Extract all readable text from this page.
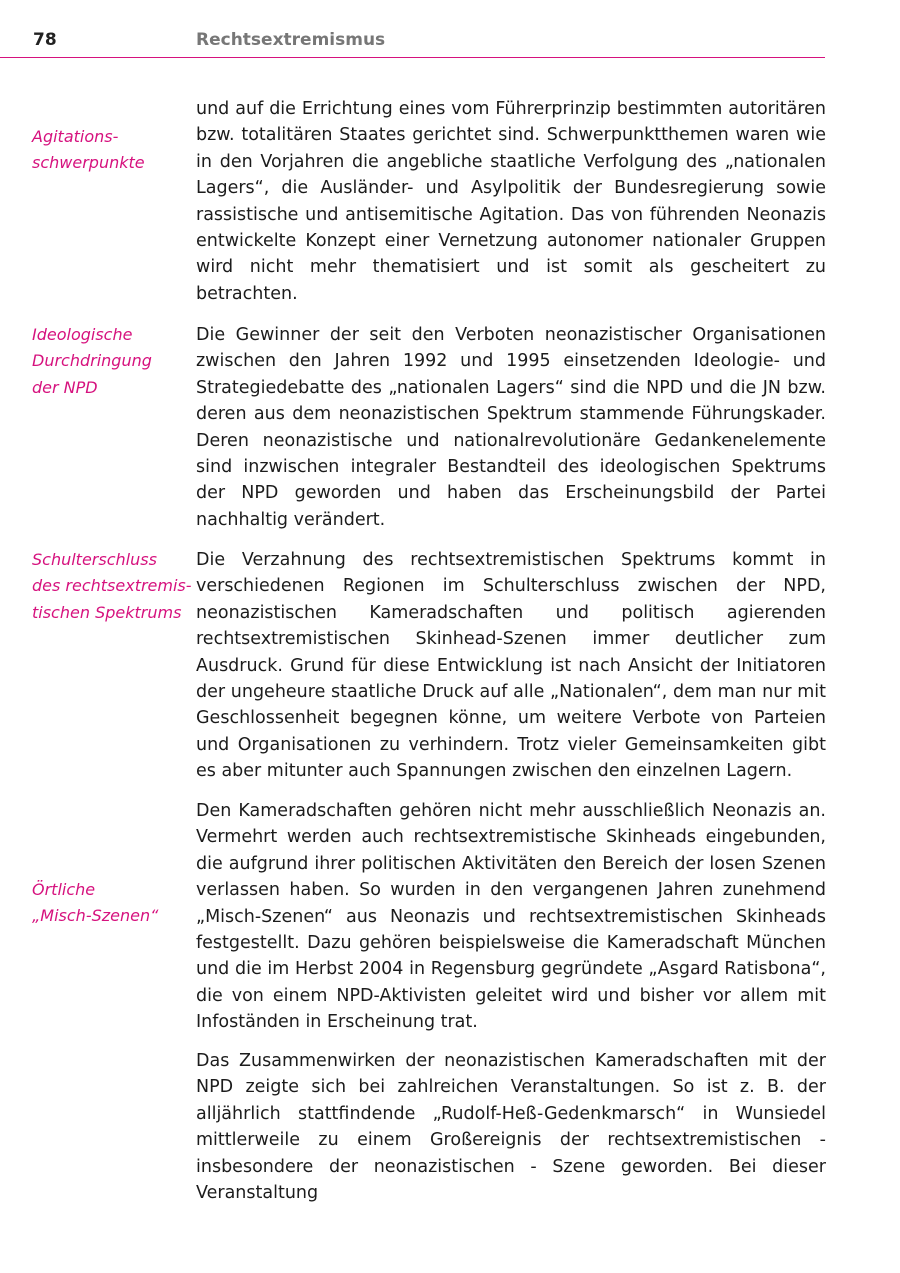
78	Rechtsextremismus

und auf die Errichtung eines vom Führerprinzip bestimmten autoritären bzw. totalitären Staates gerichtet sind. Schwerpunktthemen waren wie in den Vorjahren die angebliche staatliche Verfolgung des „nationalen Lagers“, die Ausländer- und Asylpolitik der Bundesregierung sowie rassistische und antisemitische Agitation. Das von führenden Neonazis entwickelte Konzept einer Vernetzung autonomer nationaler Gruppen wird nicht mehr thematisiert und ist somit als gescheitert zu betrachten.

Agitations-
schwerpunkte

Die Gewinner der seit den Verboten neonazistischer Organisationen zwischen den Jahren 1992 und 1995 einsetzenden Ideologie- und Strategiedebatte des „nationalen Lagers“ sind die NPD und die JN bzw. deren aus dem neonazistischen Spektrum stammende Führungskader. Deren neonazistische und nationalrevolutionäre Gedankenelemente sind inzwischen integraler Bestandteil des ideologischen Spektrums der NPD geworden und haben das Erscheinungsbild der Partei nachhaltig verändert.

Ideologische
Durchdringung
der NPD

Die Verzahnung des rechtsextremistischen Spektrums kommt in verschiedenen Regionen im Schulterschluss zwischen der NPD, neonazistischen Kameradschaften und politisch agierenden rechtsextremistischen Skinhead-Szenen immer deutlicher zum Ausdruck. Grund für diese Entwicklung ist nach Ansicht der Initiatoren der ungeheure staatliche Druck auf alle „Nationalen“, dem man nur mit Geschlossenheit begegnen könne, um weitere Verbote von Parteien und Organisationen zu verhindern. Trotz vieler Gemeinsamkeiten gibt es aber mitunter auch Spannungen zwischen den einzelnen Lagern.

Schulterschluss
des rechtsextremis-
tischen Spektrums

Den Kameradschaften gehören nicht mehr ausschließlich Neonazis an. Vermehrt werden auch rechtsextremistische Skinheads eingebunden, die aufgrund ihrer politischen Aktivitäten den Bereich der losen Szenen verlassen haben. So wurden in den vergangenen Jahren zunehmend „Misch-Szenen“ aus Neonazis und rechtsextremistischen Skinheads festgestellt. Dazu gehören beispielsweise die Kameradschaft München und die im Herbst 2004 in Regensburg gegründete „Asgard Ratisbona“, die von einem NPD-Aktivisten geleitet wird und bisher vor allem mit Infoständen in Erscheinung trat.

Örtliche
„Misch-Szenen“

Das Zusammenwirken der neonazistischen Kameradschaften mit der NPD zeigte sich bei zahlreichen Veranstaltungen. So ist z. B. der alljährlich stattfindende „Rudolf-Heß-Gedenkmarsch“ in Wunsiedel mittlerweile zu einem Großereignis der rechtsextremistischen - insbesondere der neonazistischen - Szene geworden. Bei dieser Veranstaltung
